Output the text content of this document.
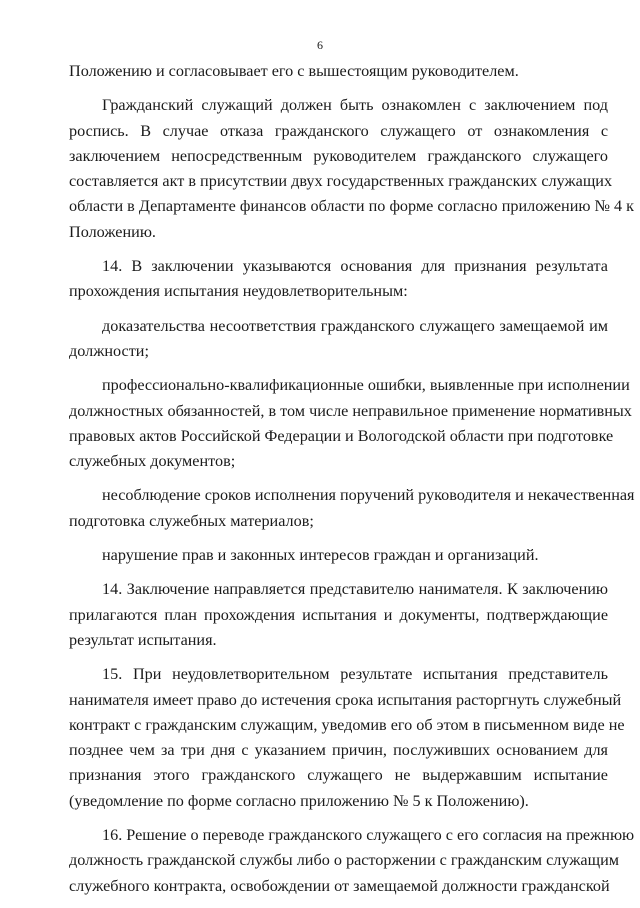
6

Положению и согласовывает его с вышестоящим руководителем.

Гражданский служащий должен быть ознакомлен с заключением под
роспись. В случае отказа гражданского служащего от ознакомления с
заключением непосредственным руководителем гражданского служащего
составляется акт в присутствии двух государственных гражданских служащих
области в Департаменте финансов области по форме согласно приложению № 4 к
Положению.

14. В заключении указываются основания для признания результата
прохождения испытания неудовлетворительным:

доказательства несоответствия гражданского служащего замещаемой им
должности;

профессионально-квалификационные ошибки, выявленные при исполнении
должностных обязанностей, в том числе неправильное применение нормативных
правовых актов Российской Федерации и Вологодской области при подготовке
служебных документов;

несоблюдение сроков исполнения поручений руководителя и некачественная
подготовка служебных материалов;

нарушение прав и законных интересов граждан и организаций.

14. Заключение направляется представителю нанимателя. К заключению
прилагаются план прохождения испытания и документы, подтверждающие
результат испытания.

15. При неудовлетворительном результате испытания представитель
нанимателя имеет право до истечения срока испытания расторгнуть служебный
контракт с гражданским служащим, уведомив его об этом в письменном виде не
позднее чем за три дня с указанием причин, послуживших основанием для
признания этого гражданского служащего не выдержавшим испытание
(уведомление по форме согласно приложению № 5 к Положению).

16. Решение о переводе гражданского служащего с его согласия на прежнюю
должность гражданской службы либо о расторжении с гражданским служащим
служебного контракта, освобождении от замещаемой должности гражданской
